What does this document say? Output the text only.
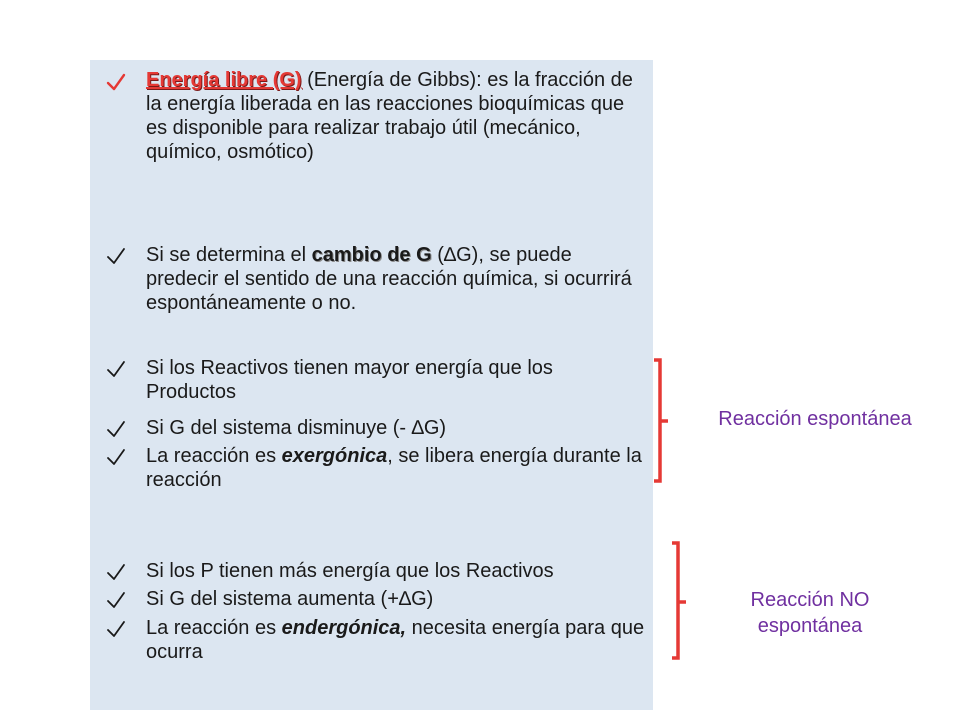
Energía libre (G) (Energía de Gibbs): es la fracción de la energía liberada en las reacciones bioquímicas que es disponible para realizar trabajo útil (mecánico, químico, osmótico)
Si se determina el cambio de G (∆G), se puede predecir el sentido de una reacción química, si ocurrirá espontáneamente o no.
Si los Reactivos tienen mayor energía que los Productos
Si G del sistema disminuye (- ∆G)
La reacción es exergónica, se libera energía durante la reacción
Si los P tienen más energía que los Reactivos
Si G del sistema aumenta (+∆G)
La reacción es endergónica, necesita energía para que ocurra
Reacción espontánea
Reacción NO
espontánea
